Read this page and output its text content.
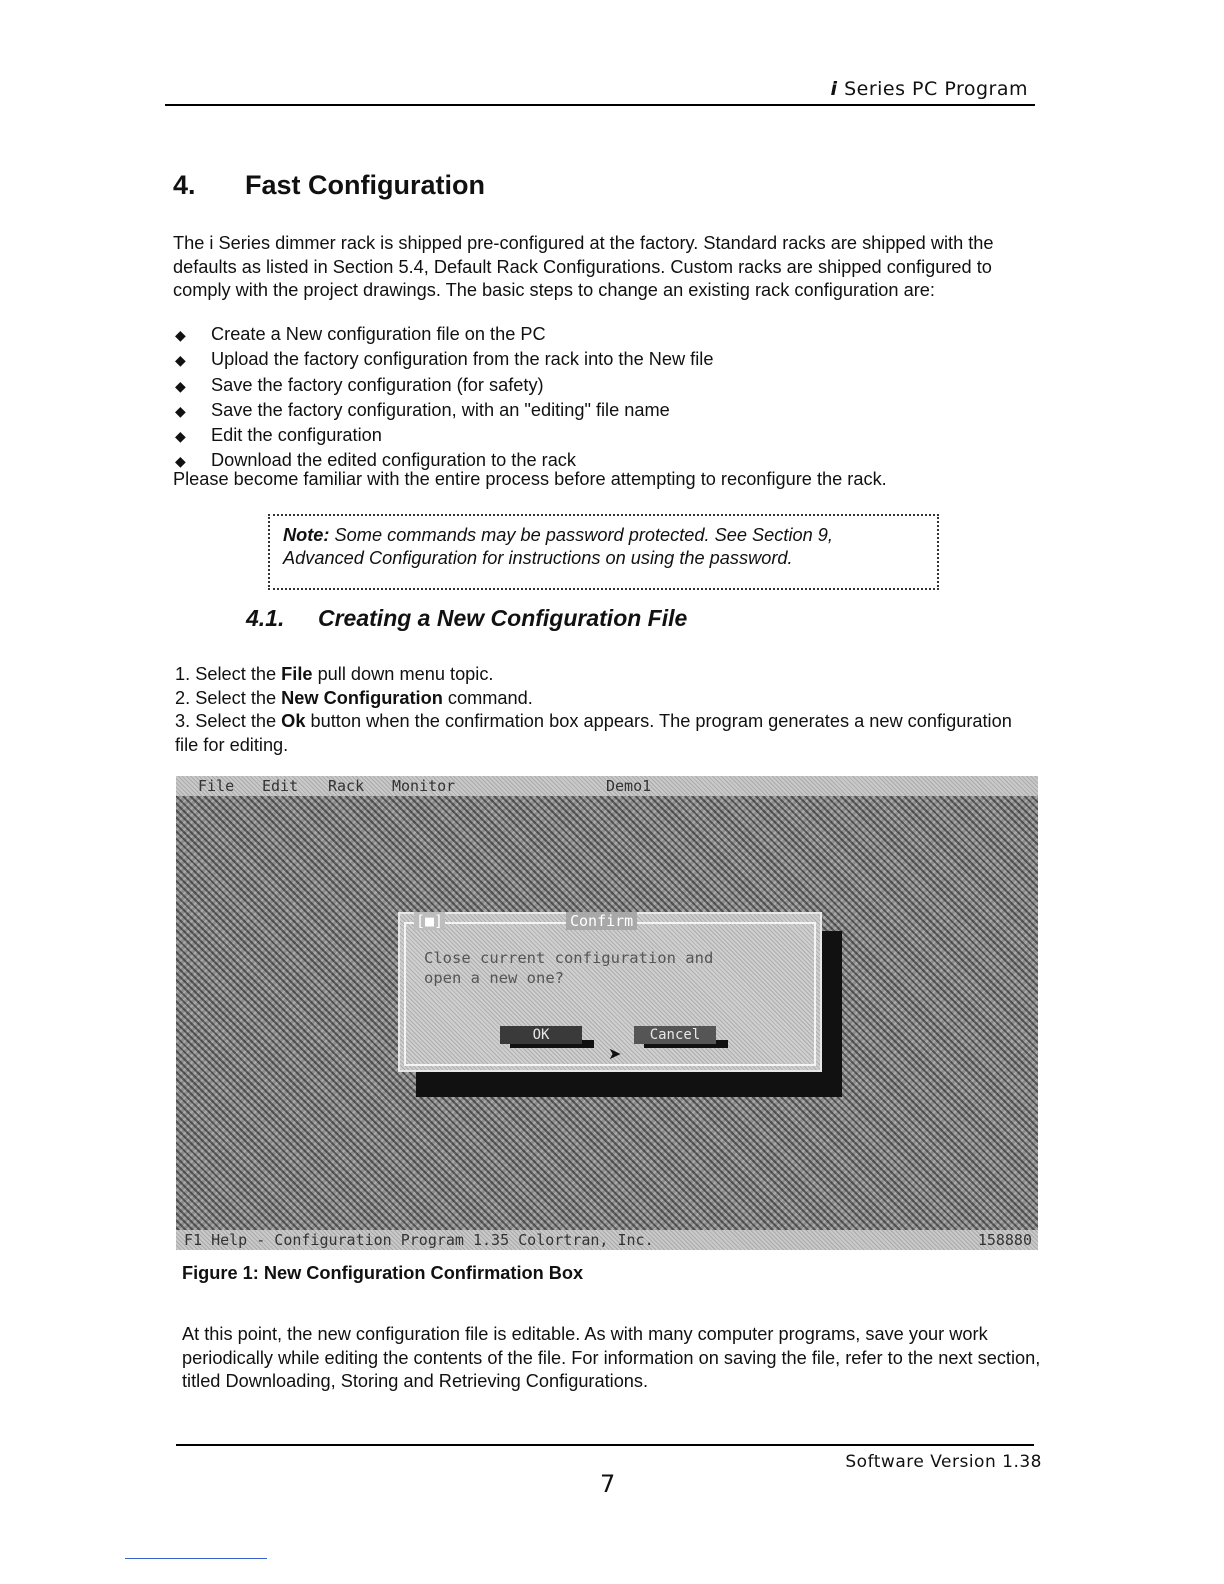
i Series PC Program
4. Fast Configuration
The i Series dimmer rack is shipped pre-configured at the factory. Standard racks are shipped with the defaults as listed in Section 5.4, Default Rack Configurations. Custom racks are shipped configured to comply with the project drawings. The basic steps to change an existing rack configuration are:
◆ Create a New configuration file on the PC
◆ Upload the factory configuration from the rack into the New file
◆ Save the factory configuration (for safety)
◆ Save the factory configuration, with an "editing" file name
◆ Edit the configuration
◆ Download the edited configuration to the rack
Please become familiar with the entire process before attempting to reconfigure the rack.
Note: Some commands may be password protected. See Section 9,
Advanced Configuration for instructions on using the password.
4.1. Creating a New Configuration File
1. Select the File pull down menu topic.
2. Select the New Configuration command.
3. Select the Ok button when the confirmation box appears. The program generates a new configuration file for editing.
File Edit Rack Monitor	Demo1
[■]	Confirm
Close current configuration and
open a new one?
OK	Cancel
➤
F1 Help - Configuration Program 1.35 Colortran, Inc.	158880
Figure 1: New Configuration Confirmation Box
At this point, the new configuration file is editable. As with many computer programs, save your work periodically while editing the contents of the file. For information on saving the file, refer to the next section, titled Downloading, Storing and Retrieving Configurations.
Software Version 1.38
7
